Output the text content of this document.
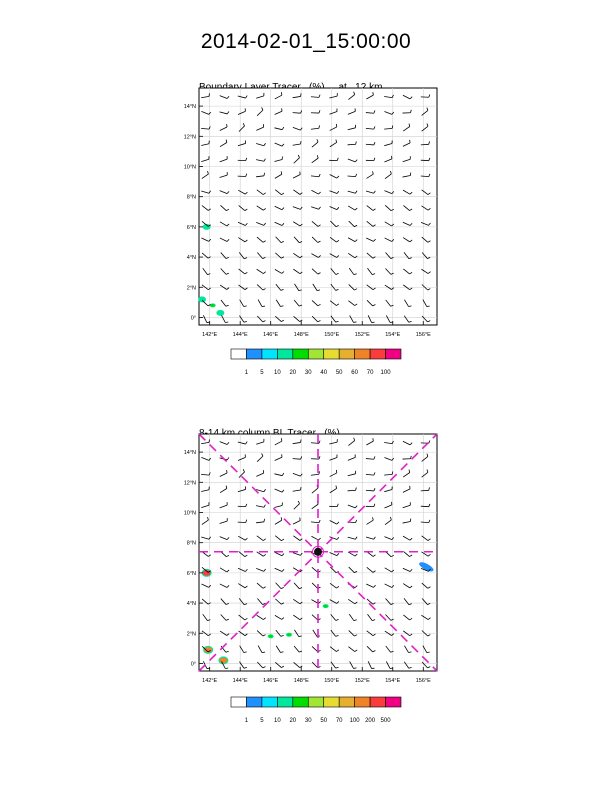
2014-02-01_15:00:00

0°
2°N
4°N
6°N
8°N
10°N
12°N
14°N
142°E	144°E	146°E	148°E	150°E	152°E	154°E	156°E
1 5 10 20 30 40 50 60 70 100
0°
2°N
4°N
6°N
8°N
10°N
12°N
14°N
142°E	144°E	146°E	148°E	150°E	152°E	154°E	156°E
1 5 10 20 30 50 70 100 200 500
